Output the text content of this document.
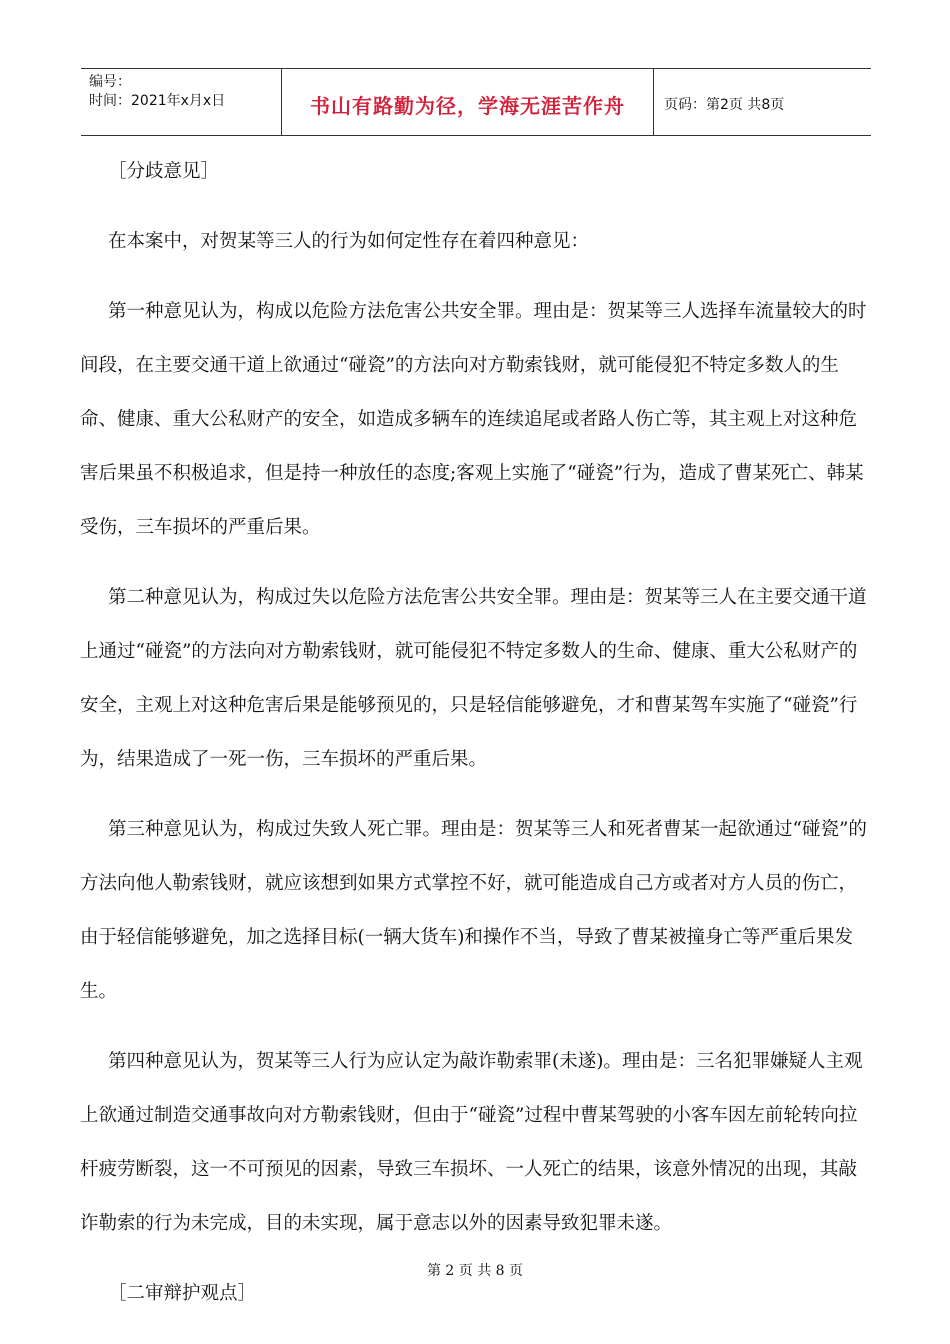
编号：
时间：2021年x月x日	书山有路勤为径，学海无涯苦作舟	页码：第2页 共8页

［分歧意见］

在本案中，对贺某等三人的行为如何定性存在着四种意见：

第一种意见认为，构成以危险方法危害公共安全罪。理由是：贺某等三人选择车流量较大的时间段，在主要交通干道上欲通过“碰瓷”的方法向对方勒索钱财，就可能侵犯不特定多数人的生命、健康、重大公私财产的安全，如造成多辆车的连续追尾或者路人伤亡等，其主观上对这种危害后果虽不积极追求，但是持一种放任的态度;客观上实施了“碰瓷”行为，造成了曹某死亡、韩某受伤，三车损坏的严重后果。

第二种意见认为，构成过失以危险方法危害公共安全罪。理由是：贺某等三人在主要交通干道上通过“碰瓷”的方法向对方勒索钱财，就可能侵犯不特定多数人的生命、健康、重大公私财产的安全，主观上对这种危害后果是能够预见的，只是轻信能够避免，才和曹某驾车实施了“碰瓷”行为，结果造成了一死一伤，三车损坏的严重后果。

第三种意见认为，构成过失致人死亡罪。理由是：贺某等三人和死者曹某一起欲通过“碰瓷”的方法向他人勒索钱财，就应该想到如果方式掌控不好，就可能造成自己方或者对方人员的伤亡，由于轻信能够避免，加之选择目标(一辆大货车)和操作不当，导致了曹某被撞身亡等严重后果发生。

第四种意见认为，贺某等三人行为应认定为敲诈勒索罪(未遂)。理由是：三名犯罪嫌疑人主观上欲通过制造交通事故向对方勒索钱财，但由于“碰瓷”过程中曹某驾驶的小客车因左前轮转向拉杆疲劳断裂，这一不可预见的因素，导致三车损坏、一人死亡的结果，该意外情况的出现，其敲诈勒索的行为未完成，目的未实现，属于意志以外的因素导致犯罪未遂。

［二审辩护观点］

第 2 页 共 8 页
